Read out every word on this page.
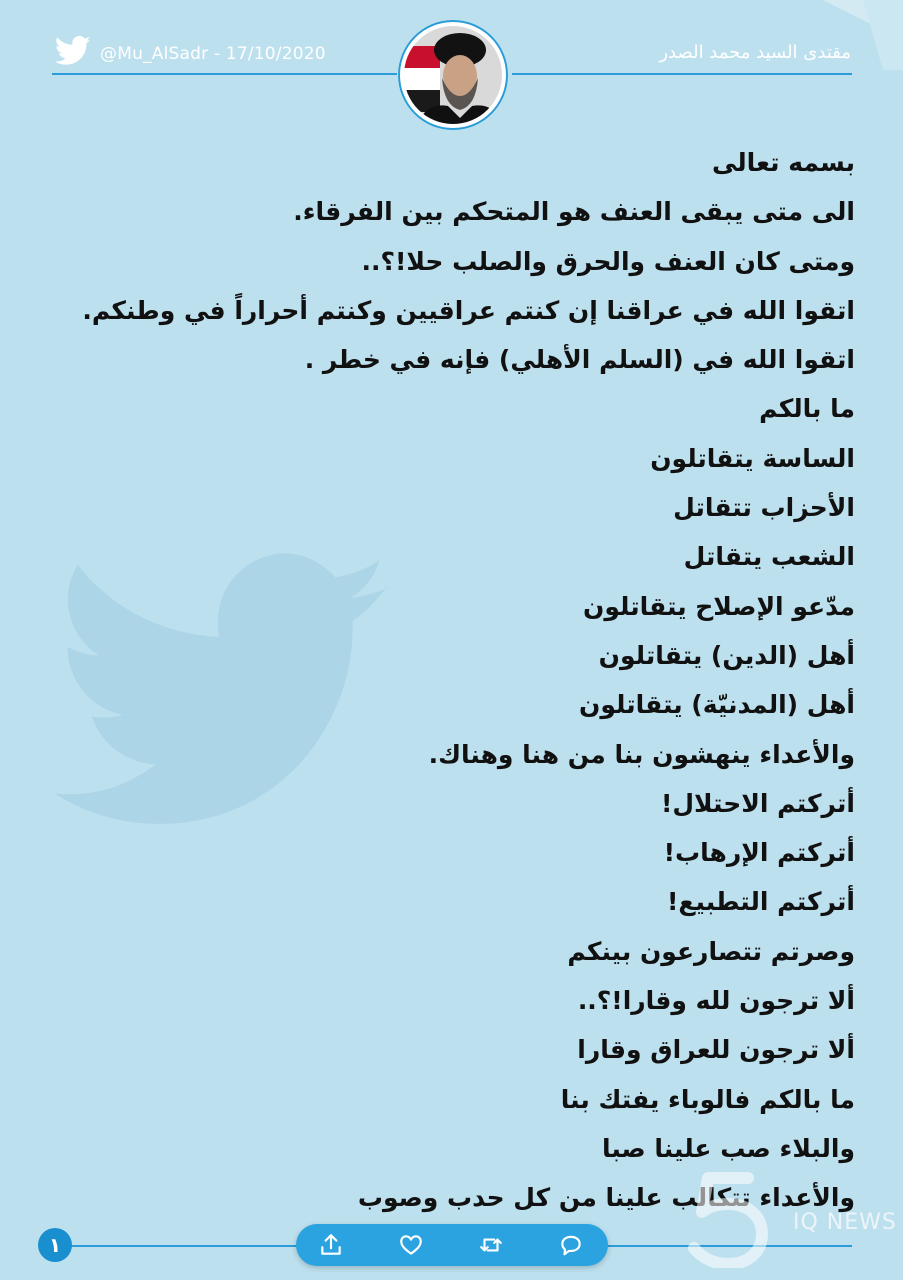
@Mu_AlSadr - 17/10/2020	مقتدى السيد محمد الصدر
بسمه تعالى
الى متى يبقى العنف هو المتحكم بين الفرقاء.
ومتى كان العنف والحرق والصلب حلا!؟..
اتقوا الله في عراقنا إن كنتم عراقيين وكنتم أحراراً في وطنكم.
اتقوا الله في (السلم الأهلي) فإنه في خطر .
ما بالكم
الساسة يتقاتلون
الأحزاب تتقاتل
الشعب يتقاتل
مدّعو الإصلاح يتقاتلون
أهل (الدين) يتقاتلون
أهل (المدنيّة) يتقاتلون
والأعداء ينهشون بنا من هنا وهناك.
أتركتم الاحتلال!
أتركتم الإرهاب!
أتركتم التطبيع!
وصرتم تتصارعون بينكم
ألا ترجون لله وقارا!؟..
ألا ترجون للعراق وقارا
ما بالكم فالوباء يفتك بنا
والبلاء صب علينا صبا
والأعداء تتكالب علينا من كل حدب وصوب
١
IQ NEWS
